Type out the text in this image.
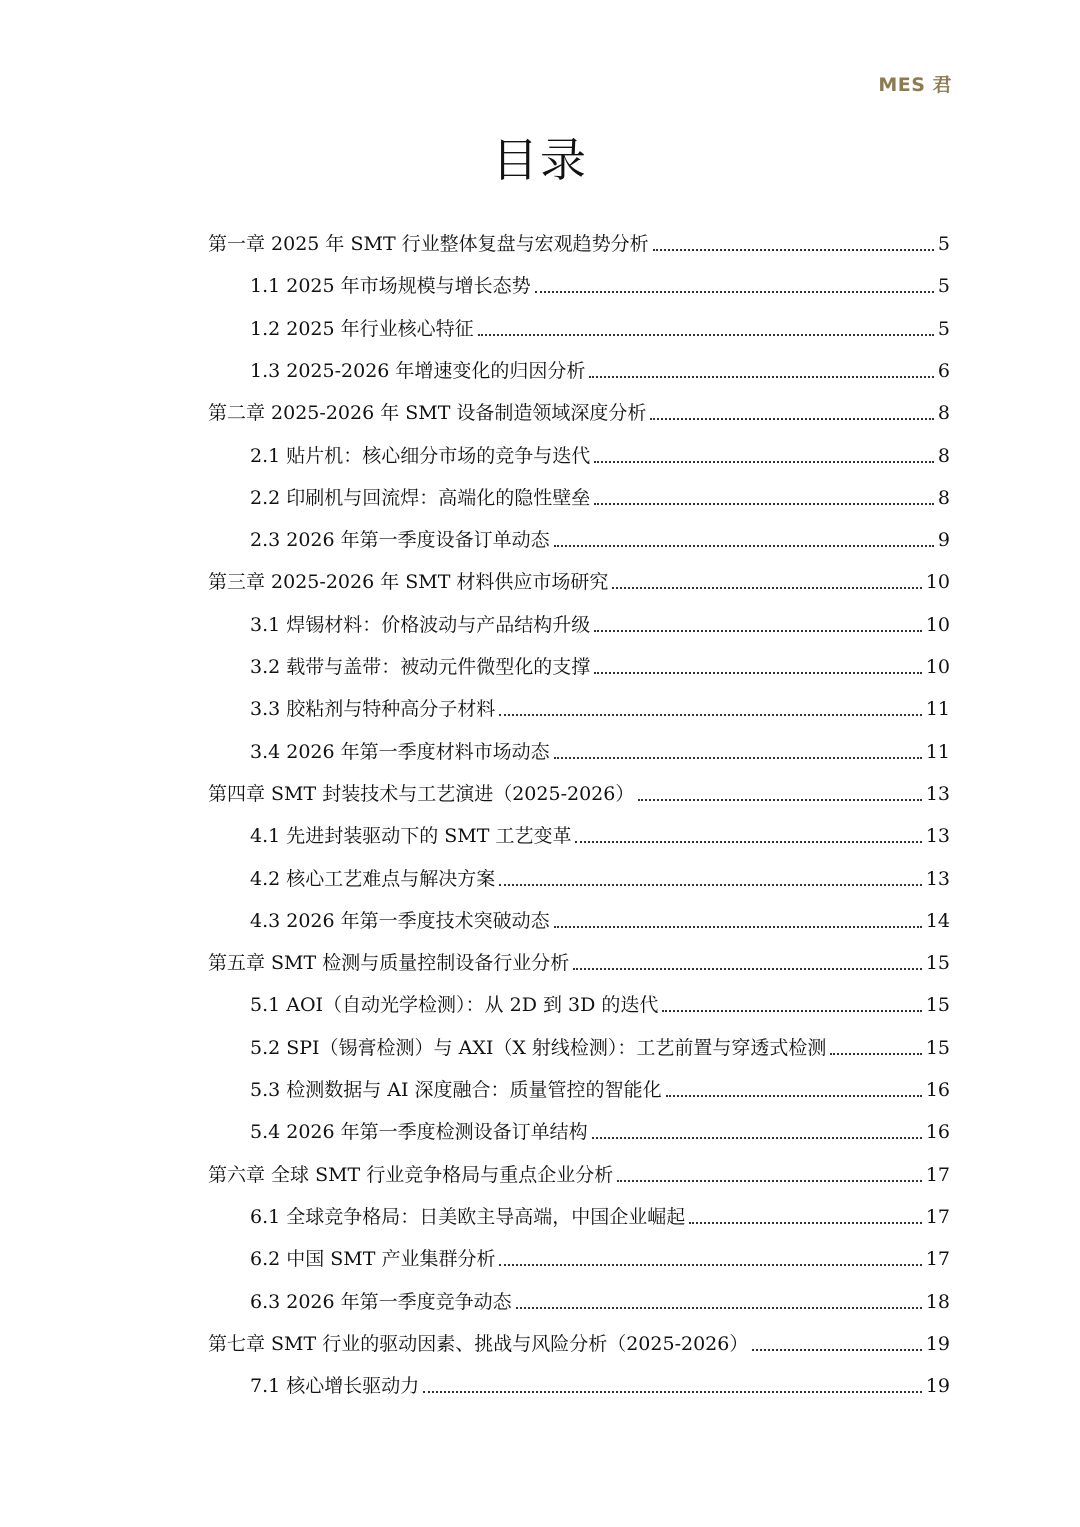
MES 君
目录
第一章 2025 年 SMT 行业整体复盘与宏观趋势分析	5
1.1 2025 年市场规模与增长态势	5
1.2 2025 年行业核心特征	5
1.3 2025-2026 年增速变化的归因分析	6
第二章 2025-2026 年 SMT 设备制造领域深度分析	8
2.1 贴片机：核心细分市场的竞争与迭代	8
2.2 印刷机与回流焊：高端化的隐性壁垒	8
2.3 2026 年第一季度设备订单动态	9
第三章 2025-2026 年 SMT 材料供应市场研究	10
3.1 焊锡材料：价格波动与产品结构升级	10
3.2 载带与盖带：被动元件微型化的支撑	10
3.3 胶粘剂与特种高分子材料	11
3.4 2026 年第一季度材料市场动态	11
第四章 SMT 封装技术与工艺演进（2025-2026）	13
4.1 先进封装驱动下的 SMT 工艺变革	13
4.2 核心工艺难点与解决方案	13
4.3 2026 年第一季度技术突破动态	14
第五章 SMT 检测与质量控制设备行业分析	15
5.1 AOI（自动光学检测）：从 2D 到 3D 的迭代	15
5.2 SPI（锡膏检测）与 AXI（X 射线检测）：工艺前置与穿透式检测	15
5.3 检测数据与 AI 深度融合：质量管控的智能化	16
5.4 2026 年第一季度检测设备订单结构	16
第六章 全球 SMT 行业竞争格局与重点企业分析	17
6.1 全球竞争格局：日美欧主导高端，中国企业崛起	17
6.2 中国 SMT 产业集群分析	17
6.3 2026 年第一季度竞争动态	18
第七章 SMT 行业的驱动因素、挑战与风险分析（2025-2026）	19
7.1 核心增长驱动力	19
